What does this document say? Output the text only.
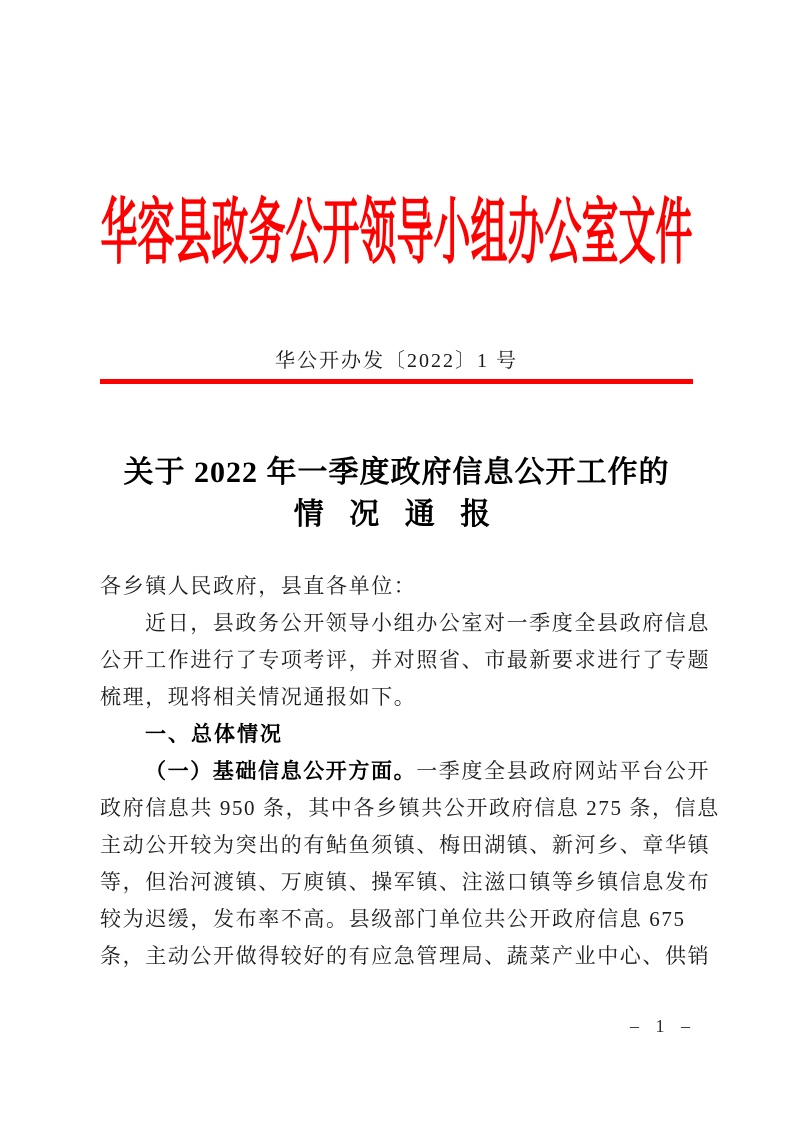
华容县政务公开领导小组办公室文件
华公开办发〔2022〕1 号
关于 2022 年一季度政府信息公开工作的
情 况 通 报
各乡镇人民政府，县直各单位：
近日，县政务公开领导小组办公室对一季度全县政府信息
公开工作进行了专项考评，并对照省、市最新要求进行了专题
梳理，现将相关情况通报如下。
一、总体情况
（一）基础信息公开方面。一季度全县政府网站平台公开
政府信息共 950 条，其中各乡镇共公开政府信息 275 条，信息
主动公开较为突出的有鲇鱼须镇、梅田湖镇、新河乡、章华镇
等，但治河渡镇、万庾镇、操军镇、注滋口镇等乡镇信息发布
较为迟缓，发布率不高。县级部门单位共公开政府信息 675
条，主动公开做得较好的有应急管理局、蔬菜产业中心、供销
– 1 –
